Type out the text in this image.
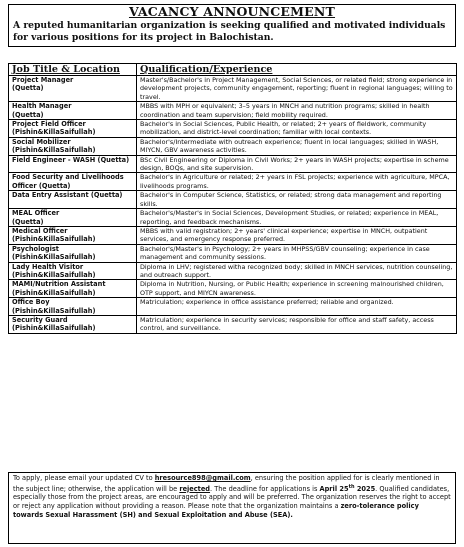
VACANCY ANNOUNCEMENT
A reputed humanitarian organization is seeking qualified and motivated individuals for various positions for its project in Balochistan.
Job Title & Location	Qualification/Experience

Project Manager
(Quetta)	Master's/Bachelor's in Project Management, Social Sciences, or related field; strong experience in development projects, community engagement, reporting; fluent in regional languages; willing to travel.

Health Manager
(Quetta)	MBBS with MPH or equivalent; 3–5 years in MNCH and nutrition programs; skilled in health coordination and team supervision; field mobility required.

Project Field Officer
(Pishin&KillaSaifullah)	Bachelor's in Social Sciences, Public Health, or related; 2+ years of fieldwork, community mobilization, and district-level coordination; familiar with local contexts.

Social Mobilizer
(Pishin&KillaSaifullah)	Bachelor's/Intermediate with outreach experience; fluent in local languages; skilled in WASH, MIYCN, GBV awareness activities.

Field Engineer - WASH (Quetta)	BSc Civil Engineering or Diploma in Civil Works; 2+ years in WASH projects; expertise in scheme design, BOQs, and site supervision.

Food Security and Livelihoods
Officer (Quetta)	Bachelor's in Agriculture or related; 2+ years in FSL projects; experience with agriculture, MPCA, livelihoods programs.

Data Entry Assistant (Quetta)	Bachelor's in Computer Science, Statistics, or related; strong data management and reporting skills.

MEAL Officer
(Quetta)	Bachelor's/Master's in Social Sciences, Development Studies, or related; experience in MEAL, reporting, and feedback mechanisms.

Medical Officer
(Pishin&KillaSaifullah)	MBBS with valid registration; 2+ years' clinical experience; expertise in MNCH, outpatient services, and emergency response preferred.

Psychologist
(Pishin&KillaSaifullah)	Bachelor's/Master's in Psychology; 2+ years in MHPSS/GBV counseling; experience in case management and community sessions.

Lady Health Visitor
(Pishin&KillaSaifullah)	Diploma in LHV; registered witha recognized body; skilled in MNCH services, nutrition counseling, and outreach support.

MAMI/Nutrition Assistant
(Pishin&KillaSaifullah)	Diploma in Nutrition, Nursing, or Public Health; experience in screening malnourished children, OTP support, and MIYCN awareness.

Office Boy
(Pishin&KillaSaifullah)	Matriculation; experience in office assistance preferred; reliable and organized.

Security Guard
(Pishin&KillaSaifullah)	Matriculation; experience in security services; responsible for office and staff safety, access control, and surveillance.
To apply, please email your updated CV to hresource898@gmail.com, ensuring the position applied for is clearly mentioned in the subject line; otherwise, the application will be rejected. The deadline for applications is April 25th 2025. Qualified candidates, especially those from the project areas, are encouraged to apply and will be preferred. The organization reserves the right to accept or reject any application without providing a reason. Please note that the organization maintains a zero-tolerance policy towards Sexual Harassment (SH) and Sexual Exploitation and Abuse (SEA).
